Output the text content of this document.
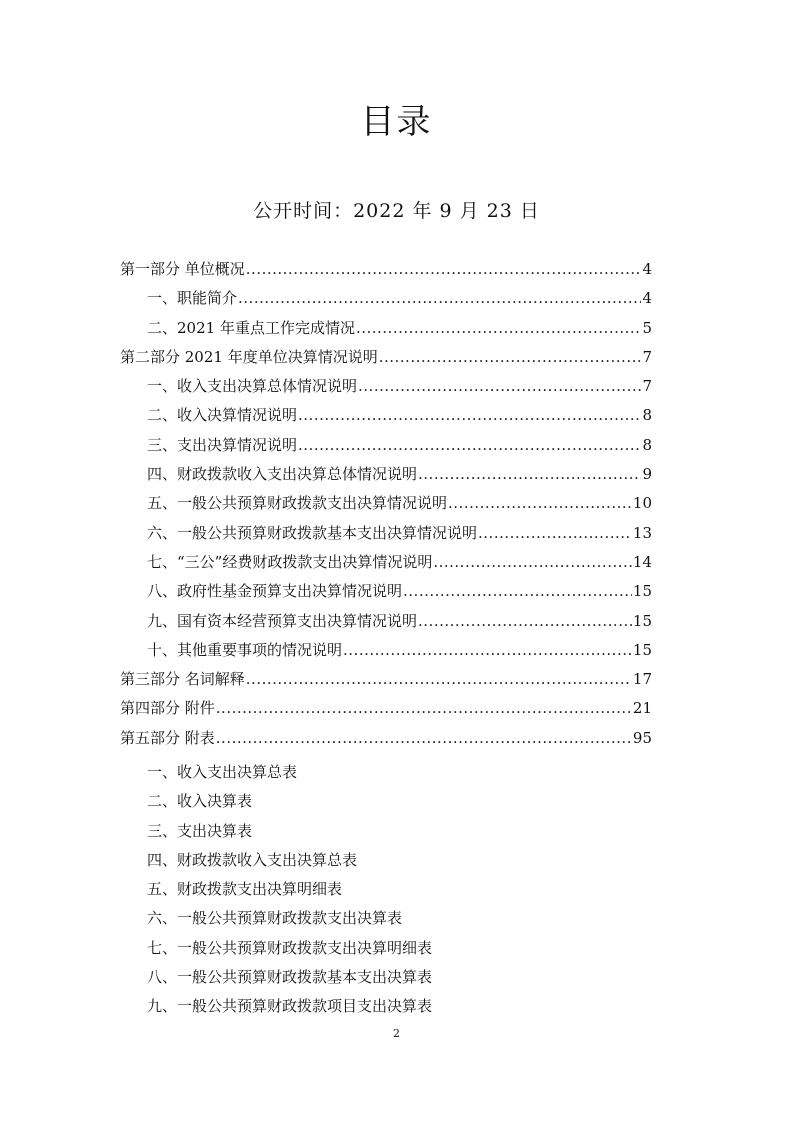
目录
公开时间：2022 年 9 月 23 日
第一部分 单位概况 .....	4
一、职能简介 .....	4
二、2021 年重点工作完成情况 .....	5
第二部分 2021 年度单位决算情况说明 .....	7
一、收入支出决算总体情况说明 .....	7
二、收入决算情况说明 .....	8
三、支出决算情况说明 .....	8
四、财政拨款收入支出决算总体情况说明 .....	9
五、一般公共预算财政拨款支出决算情况说明 .....	10
六、一般公共预算财政拨款基本支出决算情况说明 .....	13
七、“三公”经费财政拨款支出决算情况说明 .....	14
八、政府性基金预算支出决算情况说明 .....	15
九、国有资本经营预算支出决算情况说明 .....	15
十、其他重要事项的情况说明 .....	15
第三部分 名词解释 .....	17
第四部分 附件 .....	21
第五部分 附表 .....	95
一、收入支出决算总表
二、收入决算表
三、支出决算表
四、财政拨款收入支出决算总表
五、财政拨款支出决算明细表
六、一般公共预算财政拨款支出决算表
七、一般公共预算财政拨款支出决算明细表
八、一般公共预算财政拨款基本支出决算表
九、一般公共预算财政拨款项目支出决算表
2
